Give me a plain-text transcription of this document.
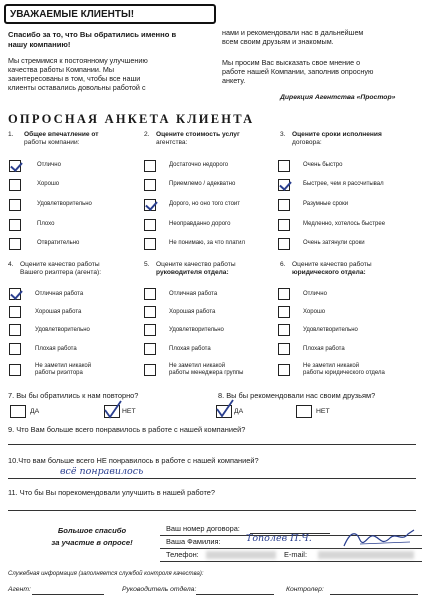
УВАЖАЕМЫЕ КЛИЕНТЫ!
Спасибо за то, что Вы обратились именно в
нашу компанию!
Мы стремимся к постоянному улучшению
качества работы Компании. Мы
заинтересованы в том, чтобы все наши
клиенты оставались довольны работой с
нами и рекомендовали нас в дальнейшем
всем своим друзьям и знакомым.
Мы просим Вас высказать свое мнение о
работе нашей Компании, заполнив опросную
анкету.
Дирекция Агентства «Простор»
ОПРОСНАЯ АНКЕТА КЛИЕНТА
1. Общее впечатление от
работы компании:
2. Оцените стоимость услуг
агентства:
3. Оцените сроки исполнения
договора:
Отлично
Хорошо
Удовлетворительно
Плохо
Отвратительно
Достаточно недорого
Приемлемо / адекватно
Дорого, но оно того стоит
Неоправданно дорого
Не понимаю, за что платил
Очень быстро
Быстрее, чем я рассчитывал
Разумные сроки
Медленно, хотелось быстрее
Очень затянули сроки
4. Оцените качество работы
Вашего риэлтера (агента):
5. Оцените качество работы
руководителя отдела:
6. Оцените качество работы
юридического отдела:
Отличная работа
Хорошая работа
Удовлетворительно
Плохая работа
Не заметил никакой
работы риэлтора
Отличная работа
Хорошая работа
Удовлетворительно
Плохая работа
Не заметил никакой
работы менеджера группы
Отлично
Хорошо
Удовлетворительно
Плохая работа
Не заметил никакой
работы юридического отдела
7. Вы бы обратились к нам повторно?
ДА	НЕТ
8. Вы бы рекомендовали нас своим друзьям?
ДА	НЕТ
9. Что Вам больше всего понравилось в работе с нашей компанией?
10.Что вам больше всего НЕ понравилось в работе с нашей компанией?
всё понравилось
11. Что бы Вы порекомендовали улучшить в нашей работе?
Большое спасибо
за участие в опросе!
Ваш номер договора:
Ваша Фамилия:	Тополев П.Ч.
Телефон:	E-mail:
Служебная информация (заполняется службой контроля качества):
Агент:	Руководитель отдела:	Контролер:
